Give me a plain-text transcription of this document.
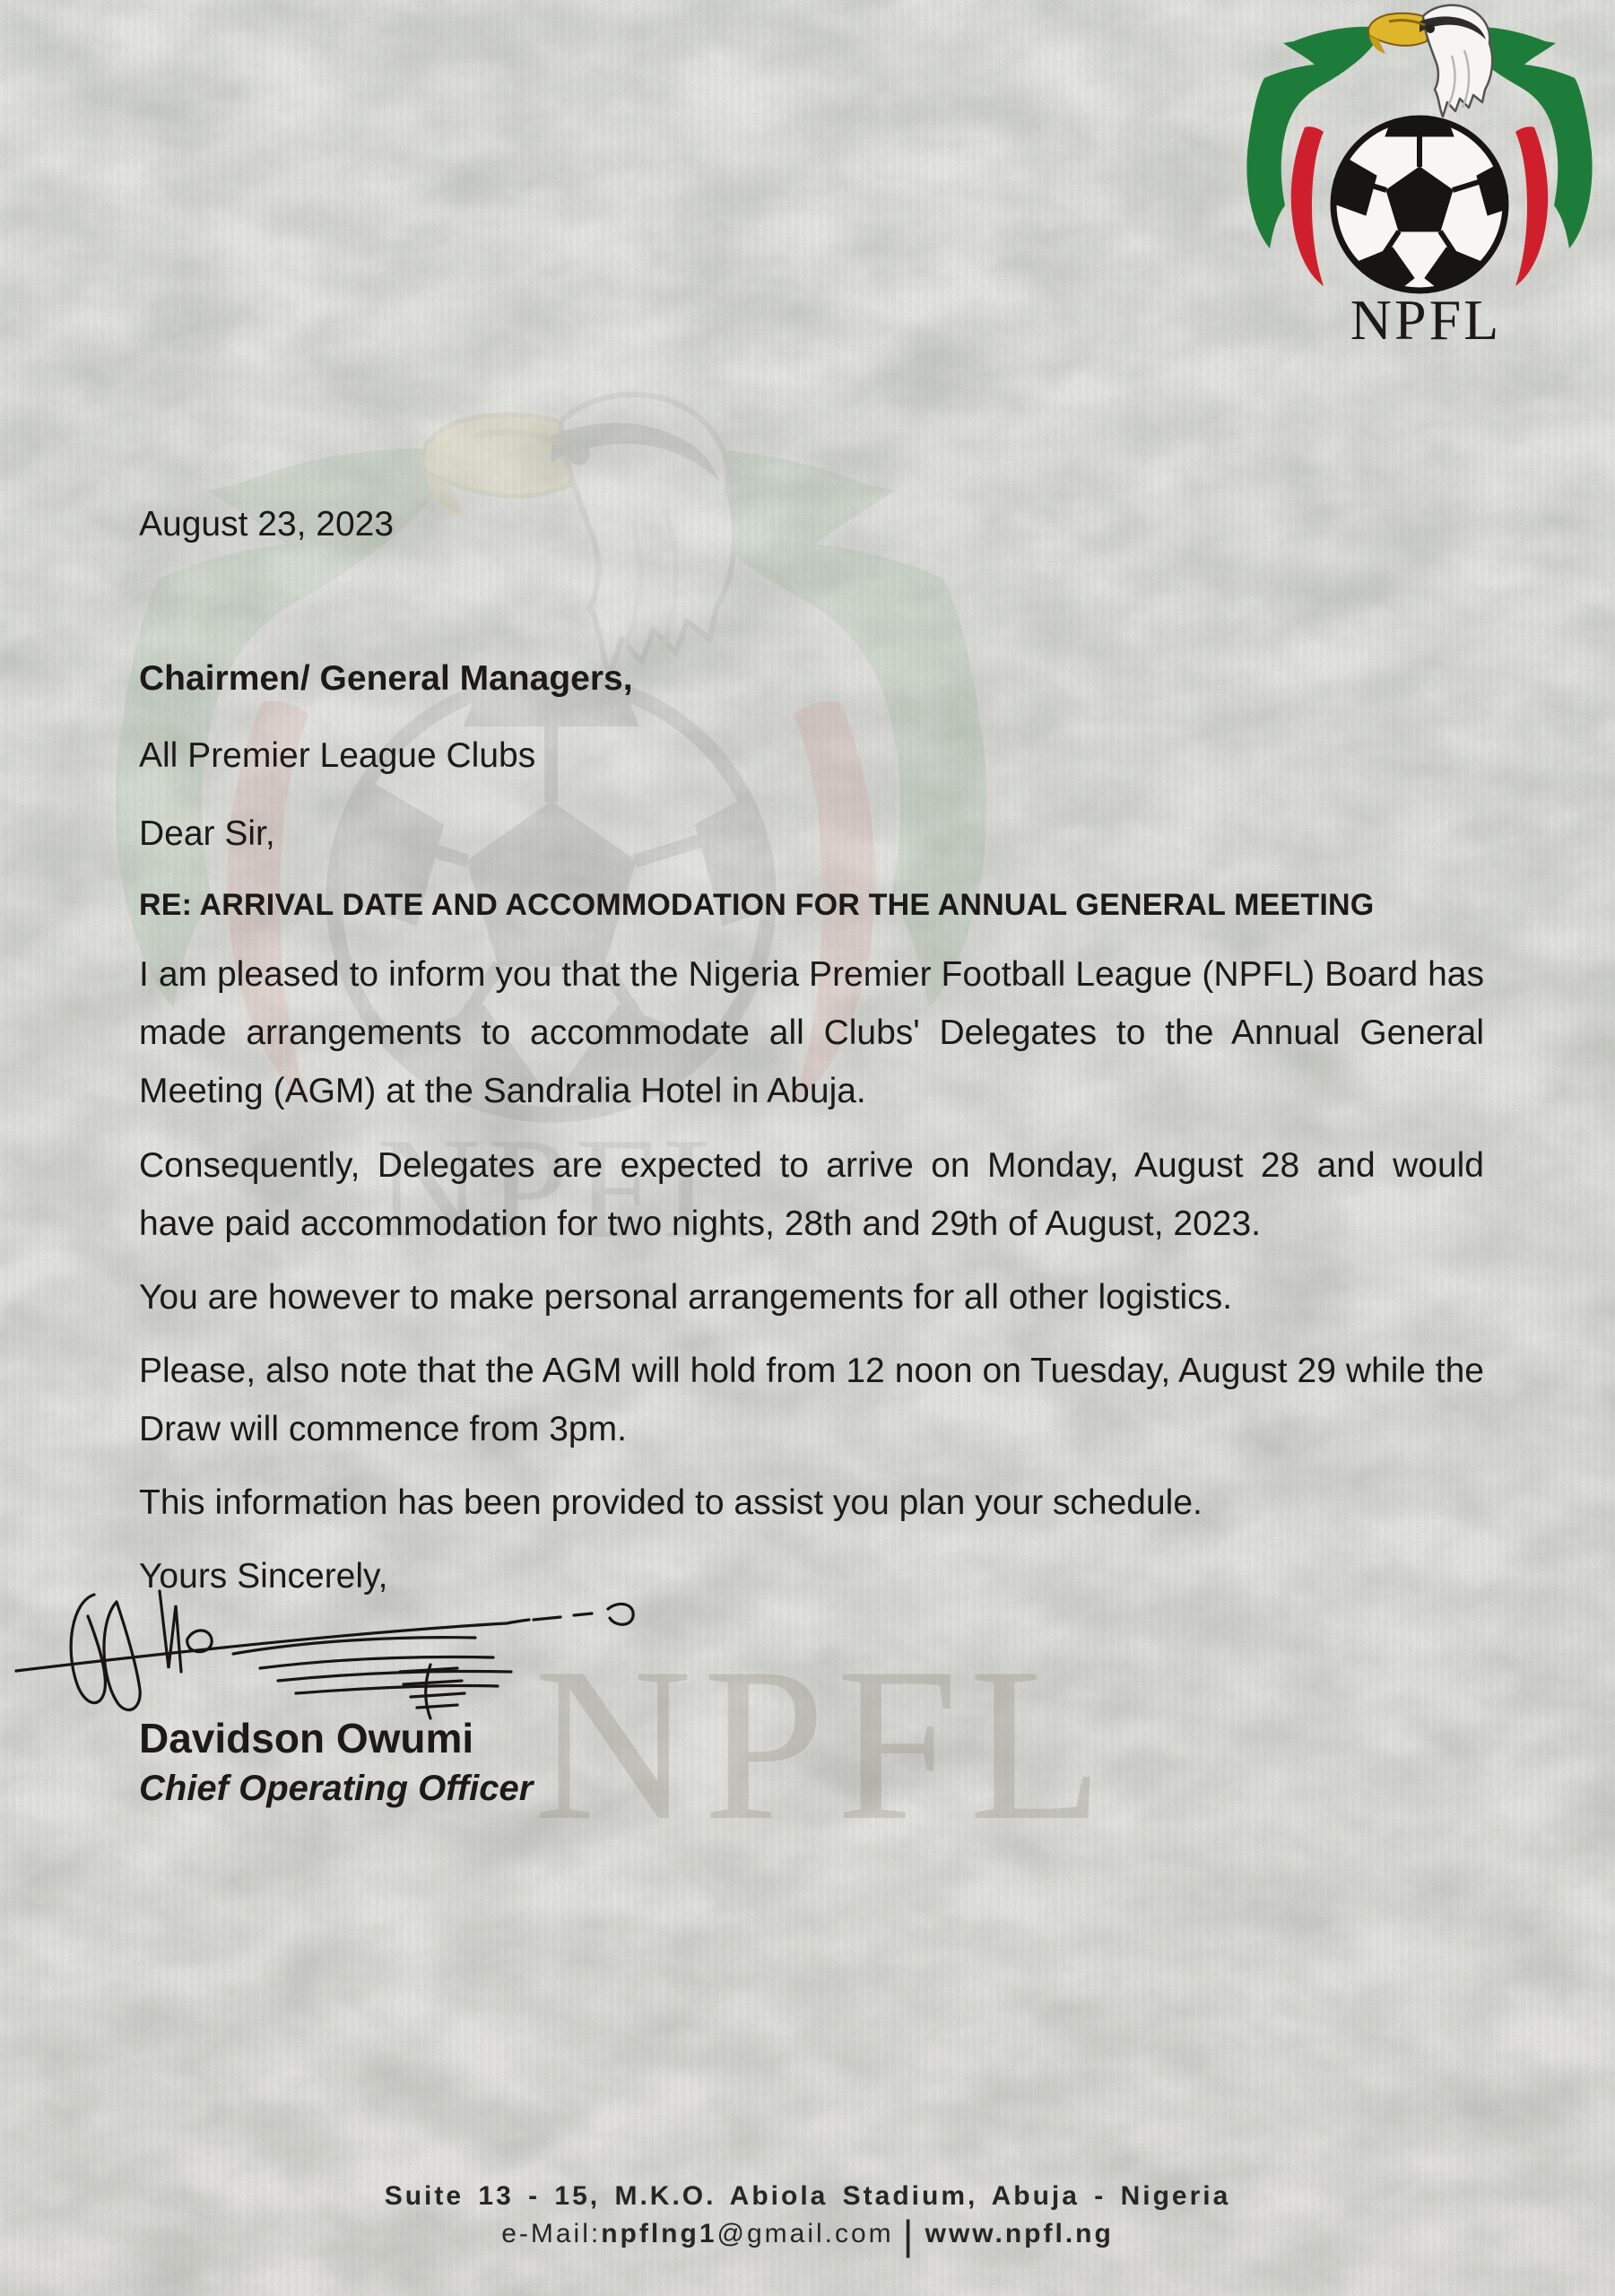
NPFL

August 23, 2023

Chairmen/ General Managers,

All Premier League Clubs

Dear Sir,

RE: ARRIVAL DATE AND ACCOMMODATION FOR THE ANNUAL GENERAL MEETING

I am pleased to inform you that the Nigeria Premier Football League (NPFL) Board has made arrangements to accommodate all Clubs' Delegates to the Annual General Meeting (AGM) at the Sandralia Hotel in Abuja.

Consequently, Delegates are expected to arrive on Monday, August 28 and would have paid accommodation for two nights, 28th and 29th of August, 2023.

You are however to make personal arrangements for all other logistics.

Please, also note that the AGM will hold from 12 noon on Tuesday, August 29 while the Draw will commence from 3pm.

This information has been provided to assist you plan your schedule.

Yours Sincerely,

Davidson Owumi

Chief Operating Officer

Suite 13 - 15, M.K.O. Abiola Stadium, Abuja - Nigeria
e-Mail:npflng1@gmail.com | www.npfl.ng
